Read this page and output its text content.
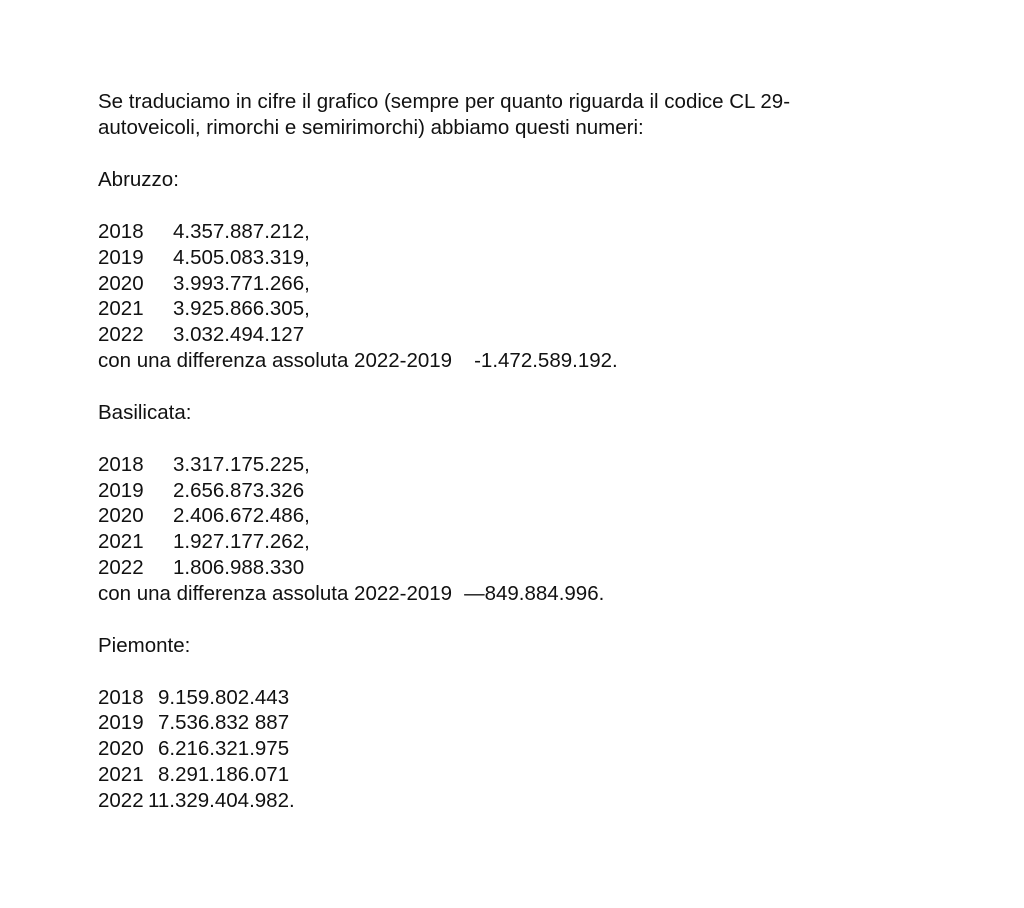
Se traduciamo in cifre il grafico (sempre per quanto riguarda il codice CL 29-
autoveicoli, rimorchi e semirimorchi) abbiamo questi numeri:
Abruzzo:
2018	4.357.887.212,
2019	4.505.083.319,
2020	3.993.771.266,
2021	3.925.866.305,
2022	3.032.494.127
con una differenza assoluta 2022-2019 -1.472.589.192.
Basilicata:
2018	3.317.175.225,
2019	2.656.873.326
2020	2.406.672.486,
2021	1.927.177.262,
2022	1.806.988.330
con una differenza assoluta 2022-2019 —849.884.996.
Piemonte:
2018 9.159.802.443
2019 7.536.832 887
2020 6.216.321.975
2021 8.291.186.071
2022 11.329.404.982.
